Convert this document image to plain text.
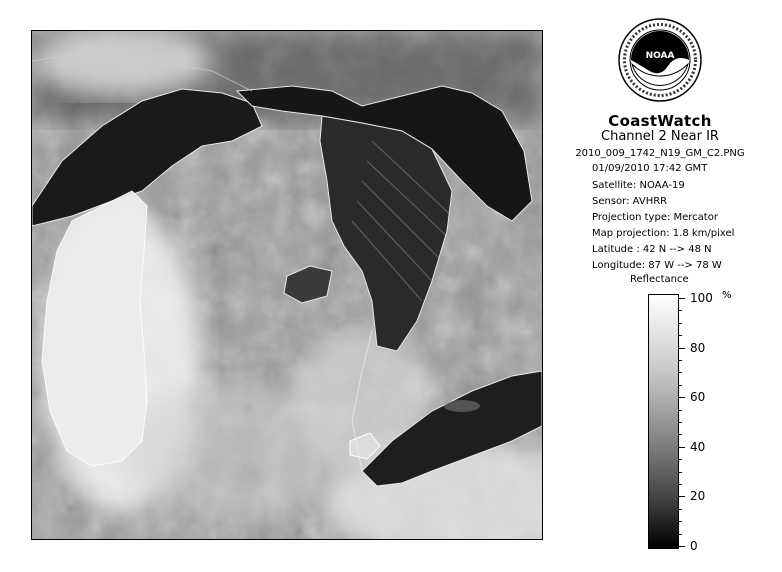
NOAA
CoastWatch
Channel 2 Near IR
2010_009_1742_N19_GM_C2.PNG
01/09/2010 17:42 GMT
Satellite: NOAA-19
Sensor: AVHRR
Projection type: Mercator
Map projection: 1.8 km/pixel
Latitude : 42 N --> 48 N
Longitude: 87 W --> 78 W
Reflectance
%
100
80
60
40
20
0
